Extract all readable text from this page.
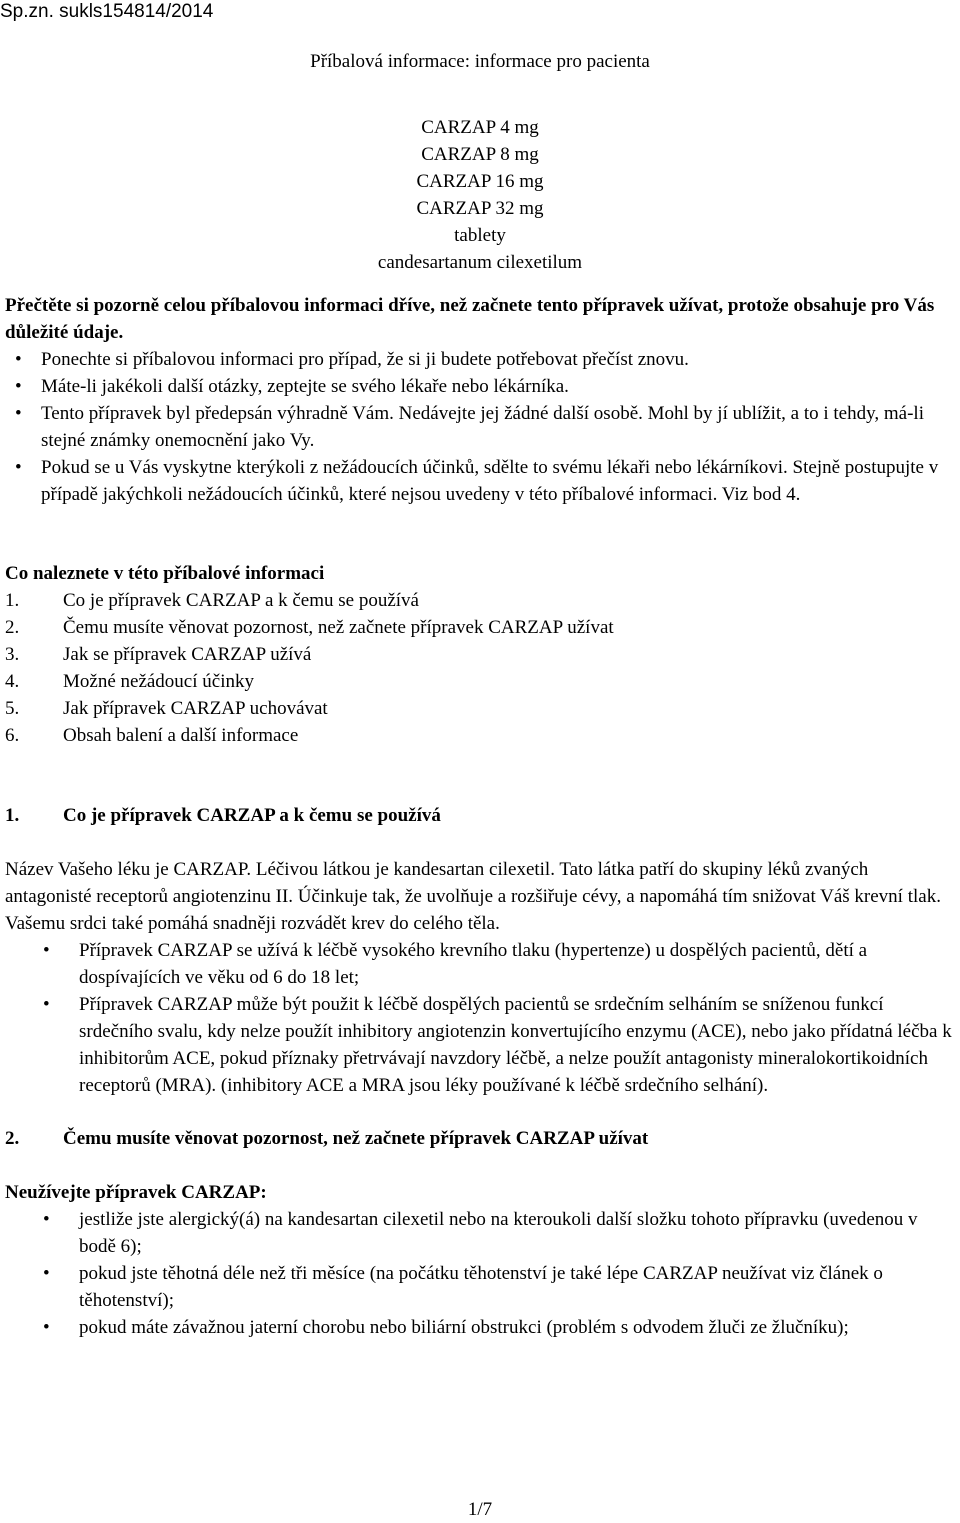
Sp.zn. sukls154814/2014
Příbalová informace: informace pro pacienta
CARZAP 4 mg
CARZAP 8 mg
CARZAP 16 mg
CARZAP 32 mg
tablety
candesartanum cilexetilum
Přečtěte si pozorně celou příbalovou informaci dříve, než začnete tento přípravek užívat, protože obsahuje pro Vás důležité údaje.
• Ponechte si příbalovou informaci pro případ, že si ji budete potřebovat přečíst znovu.
• Máte-li jakékoli další otázky, zeptejte se svého lékaře nebo lékárníka.
• Tento přípravek byl předepsán výhradně Vám. Nedávejte jej žádné další osobě. Mohl by jí ublížit, a to i tehdy, má-li stejné známky onemocnění jako Vy.
• Pokud se u Vás vyskytne kterýkoli z nežádoucích účinků, sdělte to svému lékaři nebo lékárníkovi. Stejně postupujte v případě jakýchkoli nežádoucích účinků, které nejsou uvedeny v této příbalové informaci. Viz bod 4.
Co naleznete v této příbalové informaci
1. Co je přípravek CARZAP a k čemu se používá
2. Čemu musíte věnovat pozornost, než začnete přípravek CARZAP užívat
3. Jak se přípravek CARZAP užívá
4. Možné nežádoucí účinky
5. Jak přípravek CARZAP uchovávat
6. Obsah balení a další informace
1. Co je přípravek CARZAP a k čemu se používá
Název Vašeho léku je CARZAP. Léčivou látkou je kandesartan cilexetil. Tato látka patří do skupiny léků zvaných antagonisté receptorů angiotenzinu II. Účinkuje tak, že uvolňuje a rozšiřuje cévy, a napomáhá tím snižovat Váš krevní tlak. Vašemu srdci také pomáhá snadněji rozvádět krev do celého těla.
• Přípravek CARZAP se užívá k léčbě vysokého krevního tlaku (hypertenze) u dospělých pacientů, dětí a dospívajících ve věku od 6 do 18 let;
• Přípravek CARZAP může být použit k léčbě dospělých pacientů se srdečním selháním se sníženou funkcí srdečního svalu, kdy nelze použít inhibitory angiotenzin konvertujícího enzymu (ACE), nebo jako přídatná léčba k inhibitorům ACE, pokud příznaky přetrvávají navzdory léčbě, a nelze použít antagonisty mineralokortikoidních receptorů (MRA). (inhibitory ACE a MRA jsou léky používané k léčbě srdečního selhání).
2. Čemu musíte věnovat pozornost, než začnete přípravek CARZAP užívat
Neužívejte přípravek CARZAP:
• jestliže jste alergický(á) na kandesartan cilexetil nebo na kteroukoli další složku tohoto přípravku (uvedenou v bodě 6);
• pokud jste těhotná déle než tři měsíce (na počátku těhotenství je také lépe CARZAP neužívat viz článek o těhotenství);
• pokud máte závažnou jaterní chorobu nebo biliární obstrukci (problém s odvodem žluči ze žlučníku);
1/7
